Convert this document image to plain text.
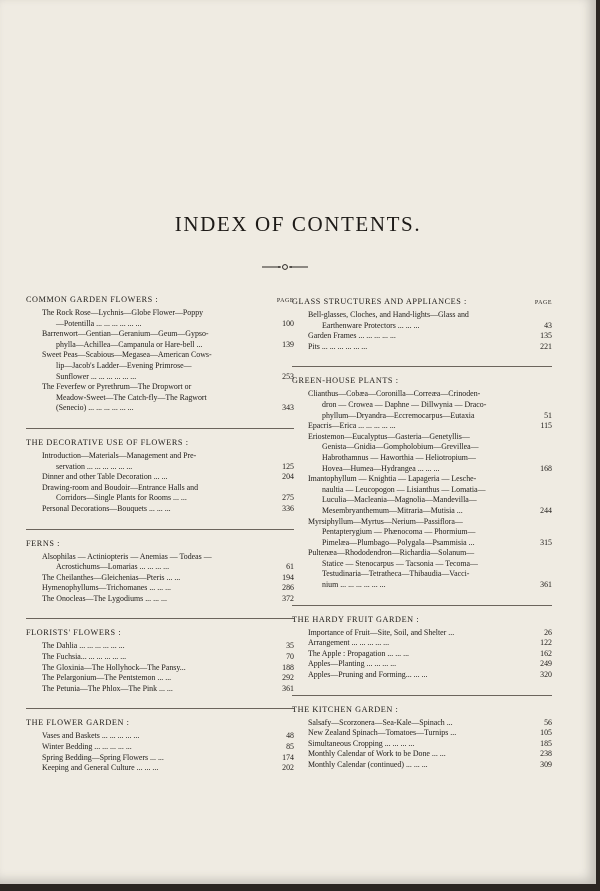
INDEX OF CONTENTS.
COMMON GARDEN FLOWERS :	PAGE
The Rock Rose—Lychnis—Globe Flower—Poppy
—Potentilla ... ... ... ... ... ...	100
Barrenwort—Gentian—Geranium—Geum—Gypso-
phylla—Achillea—Campanula or Hare-bell ...	139
Sweet Peas—Scabious—Megasea—American Cows-
lip—Jacob's Ladder—Evening Primrose—
Sunflower ... ... ... ... ... ...	253
The Feverfew or Pyrethrum—The Dropwort or
Meadow-Sweet—The Catch-fly—The Ragwort
(Senecio) ... ... ... ... ... ...	343
THE DECORATIVE USE OF FLOWERS :
Introduction—Materials—Management and Pre-
servation ... ... ... ... ... ...	125
Dinner and other Table Decoration ... ...	204
Drawing-room and Boudoir—Entrance Halls and
Corridors—Single Plants for Rooms ... ...	275
Personal Decorations—Bouquets ... ... ...	336
FERNS :
Alsophilas — Actiniopteris — Anemias — Todeas —
Acrostichums—Lomarias ... ... ... ...	61
The Cheilanthes—Gleichenias—Pteris ... ...	194
Hymenophyllums—Trichomanes ... ... ...	286
The Onocleas—The Lygodiums ... ... ...	372
FLORISTS' FLOWERS :
The Dahlia ... ... ... ... ... ...	35
The Fuchsia... ... ... ... ... ...	70
The Gloxinia—The Hollyhock—The Pansy...	188
The Pelargonium—The Pentstemon ... ...	292
The Petunia—The Phlox—The Pink ... ...	361
THE FLOWER GARDEN :
Vases and Baskets ... ... ... ... ...	48
Winter Bedding ... ... ... ... ...	85
Spring Bedding—Spring Flowers ... ...	174
Keeping and General Culture ... ... ...	202
GLASS STRUCTURES AND APPLIANCES :	PAGE
Bell-glasses, Cloches, and Hand-lights—Glass and
Earthenware Protectors ... ... ...	43
Garden Frames ... ... ... ... ...	135
Pits ... ... ... ... ... ...	221
GREEN-HOUSE PLANTS :
Clianthus—Cobæa—Coronilla—Correæa—Crinoden-
dron — Crowea — Daphne — Dillwynia — Draco-
phyllum—Dryandra—Eccremocarpus—Eutaxia	51
Epacris—Erica ... ... ... ... ...	115
Eriostemon—Eucalyptus—Gasteria—Genetyllis—
Genista—Gnidia—Gompholobium—Grevillea—
Habrothamnus — Haworthia — Heliotropium—
Hovea—Humea—Hydrangea ... ... ...	168
Imantophyllum — Knightia — Lapageria — Lesche-
naultia — Leucopogon — Lisianthus — Lomatia—
Luculia—Macleania—Magnolia—Mandevilla—
Mesembryanthemum—Mitraria—Mutisia ...	244
Myrsiphyllum—Myrtus—Nerium—Passiflora—
Pentapterygium — Phænocoma — Phormium—
Pimelæa—Plumbago—Polygala—Psammisia ...	315
Pultenæa—Rhododendron—Richardia—Solanum—
Statice — Stenocarpus — Tacsonia — Tecoma—
Testudinaria—Tetratheca—Thibaudia—Vacci-
nium ... ... ... ... ... ...	361
THE HARDY FRUIT GARDEN :
Importance of Fruit—Site, Soil, and Shelter ...	26
Arrangement ... ... ... ... ...	122
The Apple : Propagation ... ... ...	162
Apples—Planting ... ... ... ...	249
Apples—Pruning and Forming... ... ...	320
THE KITCHEN GARDEN :
Salsafy—Scorzonera—Sea-Kale—Spinach ...	56
New Zealand Spinach—Tomatoes—Turnips ...	105
Simultaneous Cropping ... ... ... ...	185
Monthly Calendar of Work to be Done ... ...	238
Monthly Calendar (continued) ... ... ...	309
